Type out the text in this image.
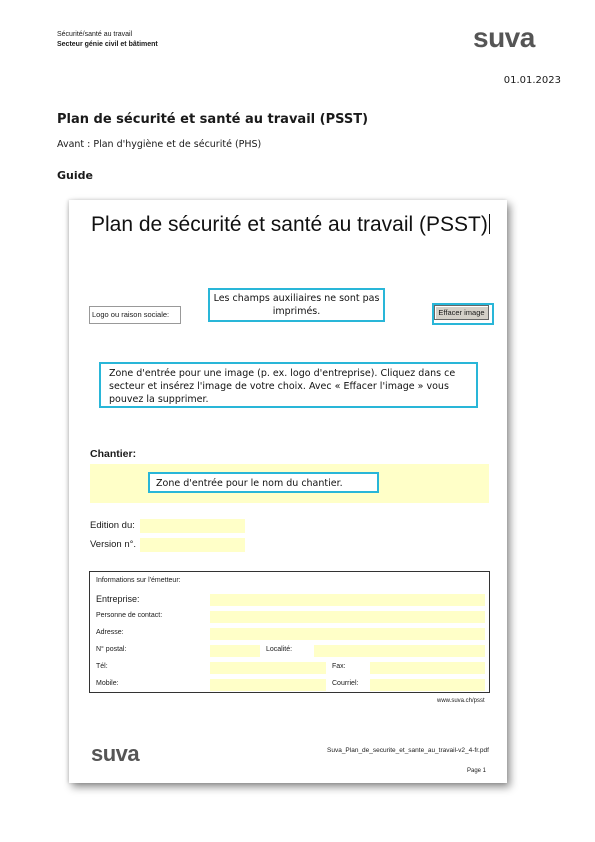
Sécurité/santé au travail
Secteur génie civil et bâtiment	suva
01.01.2023
Plan de sécurité et santé au travail (PSST)
Avant : Plan d'hygiène et de sécurité (PHS)
Guide
Plan de sécurité et santé au travail (PSST)
Logo ou raison sociale:	Effacer image
Les champs auxiliaires ne sont pas imprimés.
Zone d'entrée pour une image (p. ex. logo d'entreprise). Cliquez dans ce secteur et insérez l'image de votre choix. Avec « Effacer l'image » vous pouvez la supprimer.
Chantier:
Zone d'entrée pour le nom du chantier.
Edition du:
Version n°.
Informations sur l'émetteur:
Entreprise:
Personne de contact:
Adresse:
N° postal:	Localité:
Tél:	Fax:
Mobile:	Courriel:
www.suva.ch/psst
suva	Suva_Plan_de_securite_et_sante_au_travail-v2_4-fr.pdf
Page 1
